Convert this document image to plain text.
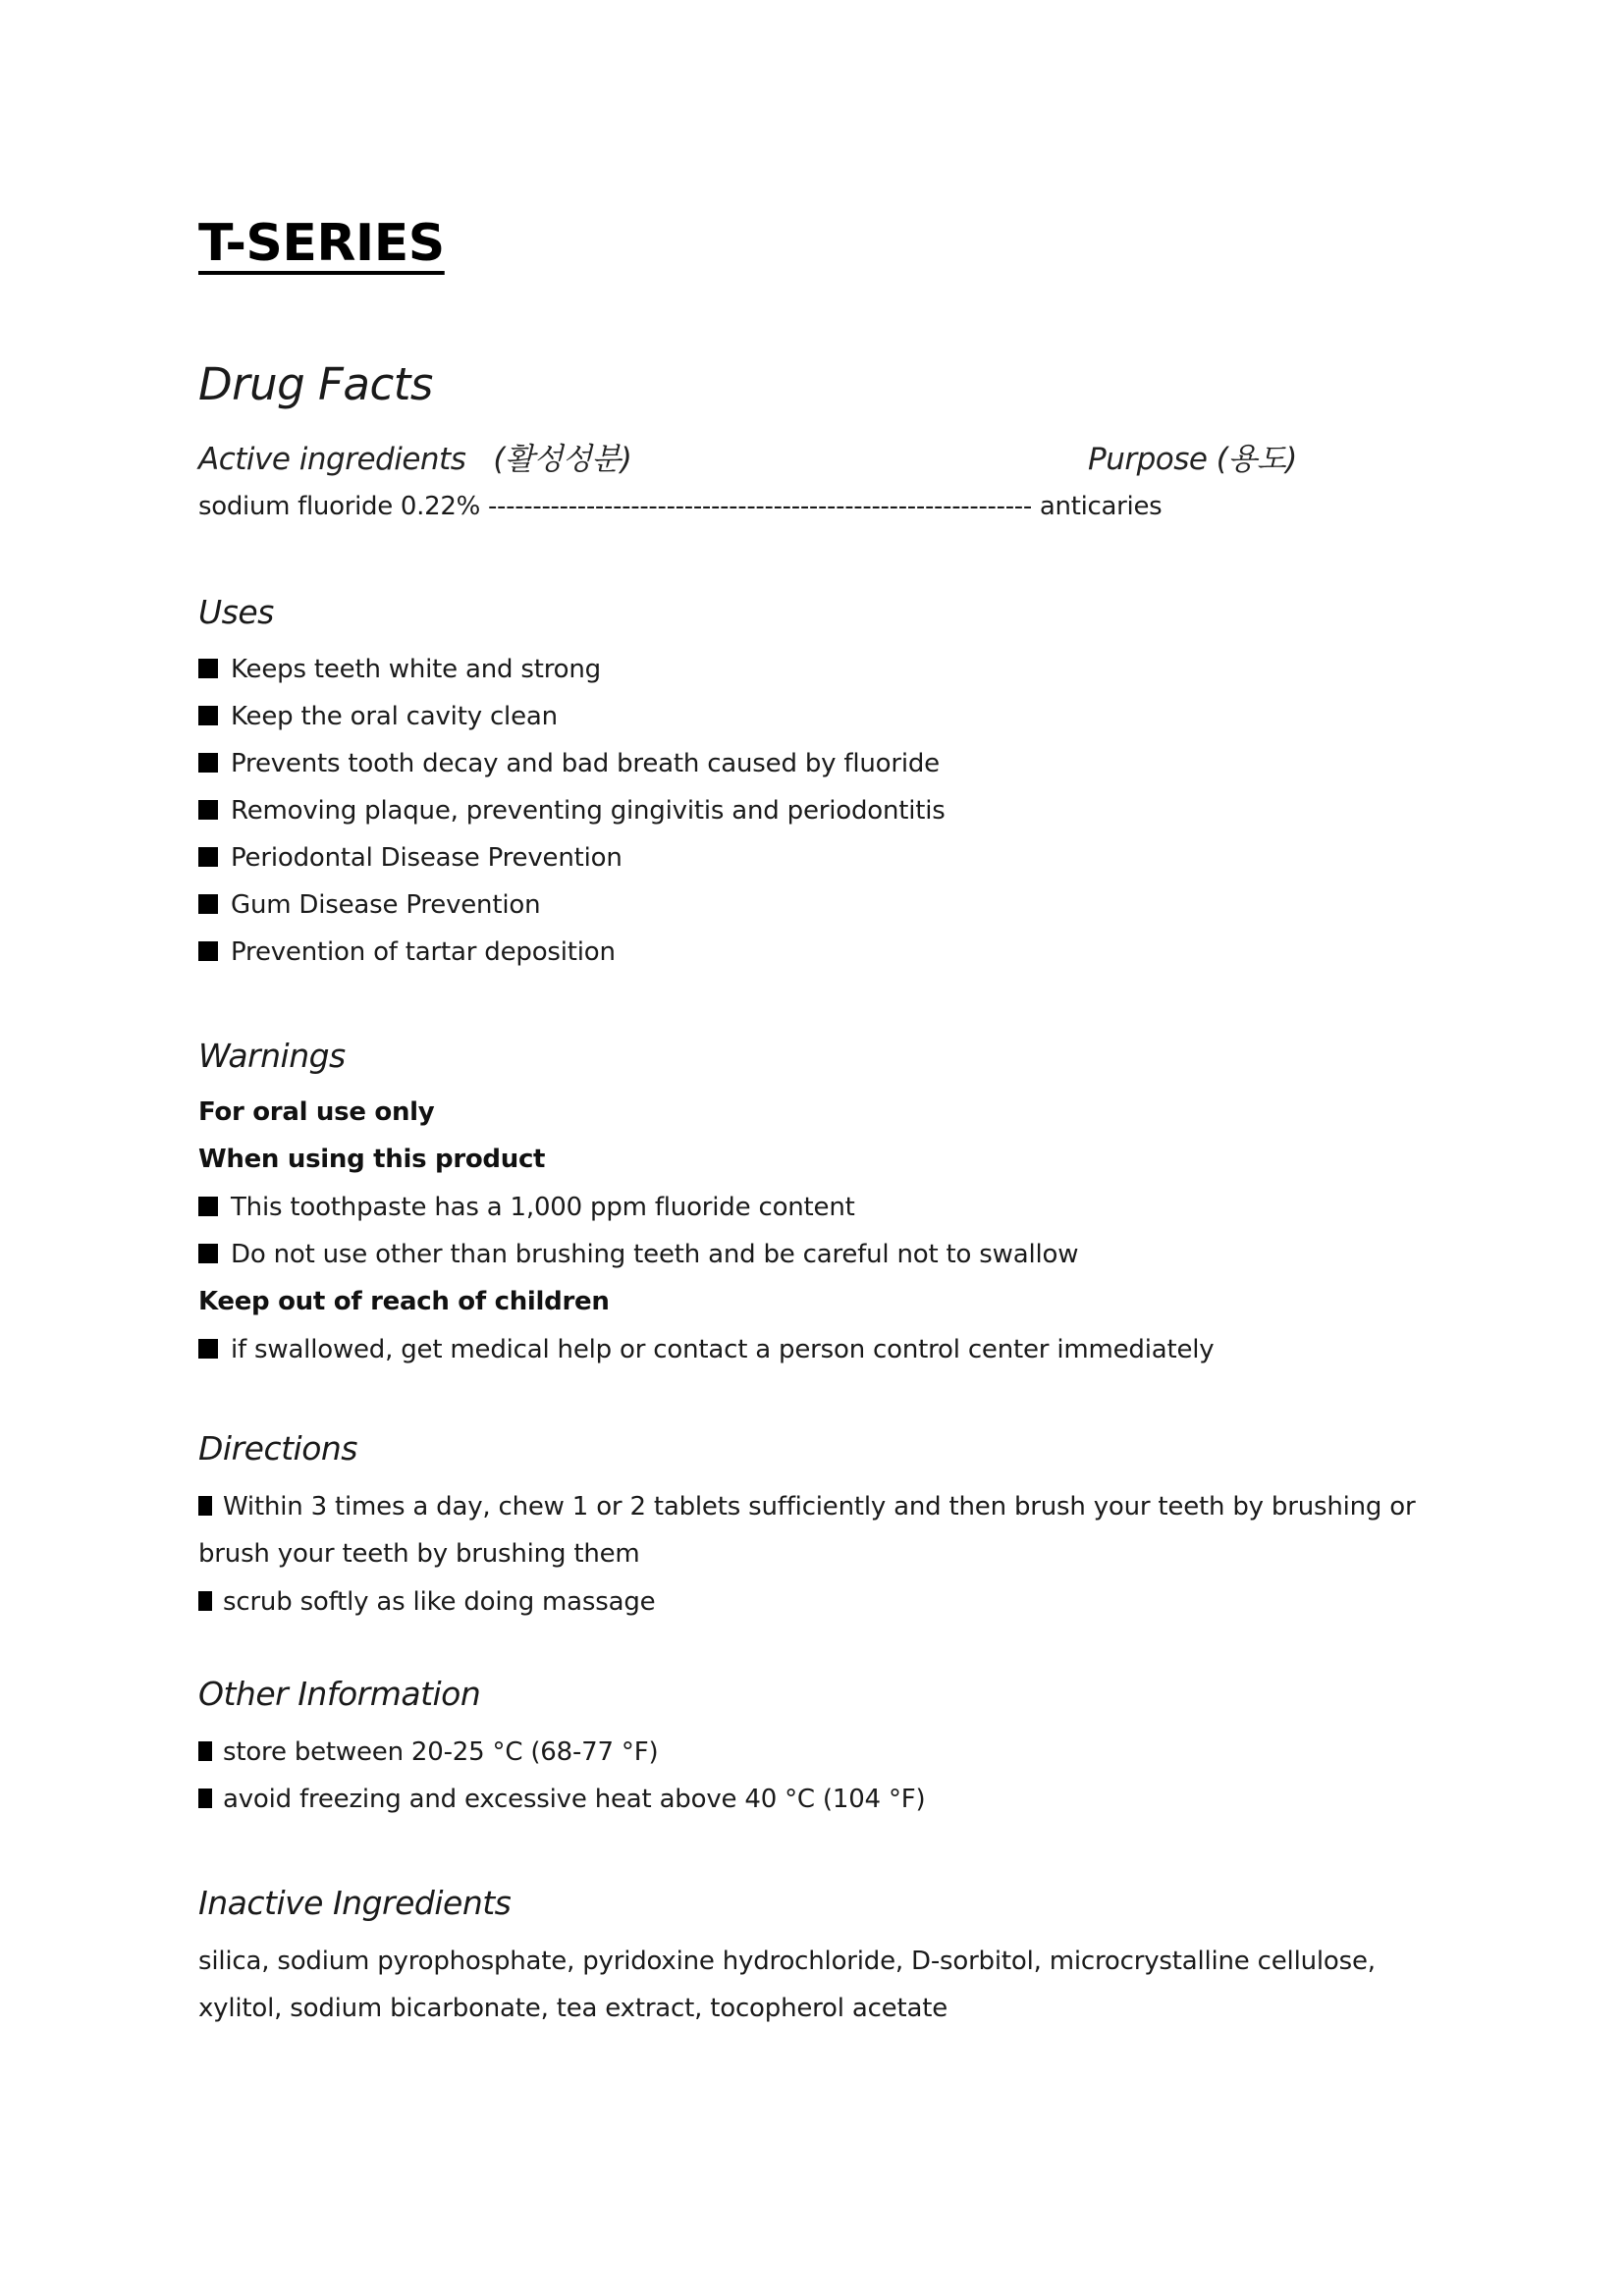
T-SERIES
Drug Facts
Active ingredients   (활성성분)	Purpose (용도)
sodium fluoride 0.22% ------------------------------------------------------------- anticaries
Uses
Keeps teeth white and strong
Keep the oral cavity clean
Prevents tooth decay and bad breath caused by fluoride
Removing plaque, preventing gingivitis and periodontitis
Periodontal Disease Prevention
Gum Disease Prevention
Prevention of tartar deposition
Warnings
For oral use only
When using this product
This toothpaste has a 1,000 ppm fluoride content
Do not use other than brushing teeth and be careful not to swallow
Keep out of reach of children
if swallowed, get medical help or contact a person control center immediately
Directions
Within 3 times a day, chew 1 or 2 tablets sufficiently and then brush your teeth by brushing or
brush your teeth by brushing them
scrub softly as like doing massage
Other Information
store between 20-25 °C (68-77 °F)
avoid freezing and excessive heat above 40 °C (104 °F)
Inactive Ingredients
silica, sodium pyrophosphate, pyridoxine hydrochloride, D-sorbitol, microcrystalline cellulose,
xylitol, sodium bicarbonate, tea extract, tocopherol acetate
